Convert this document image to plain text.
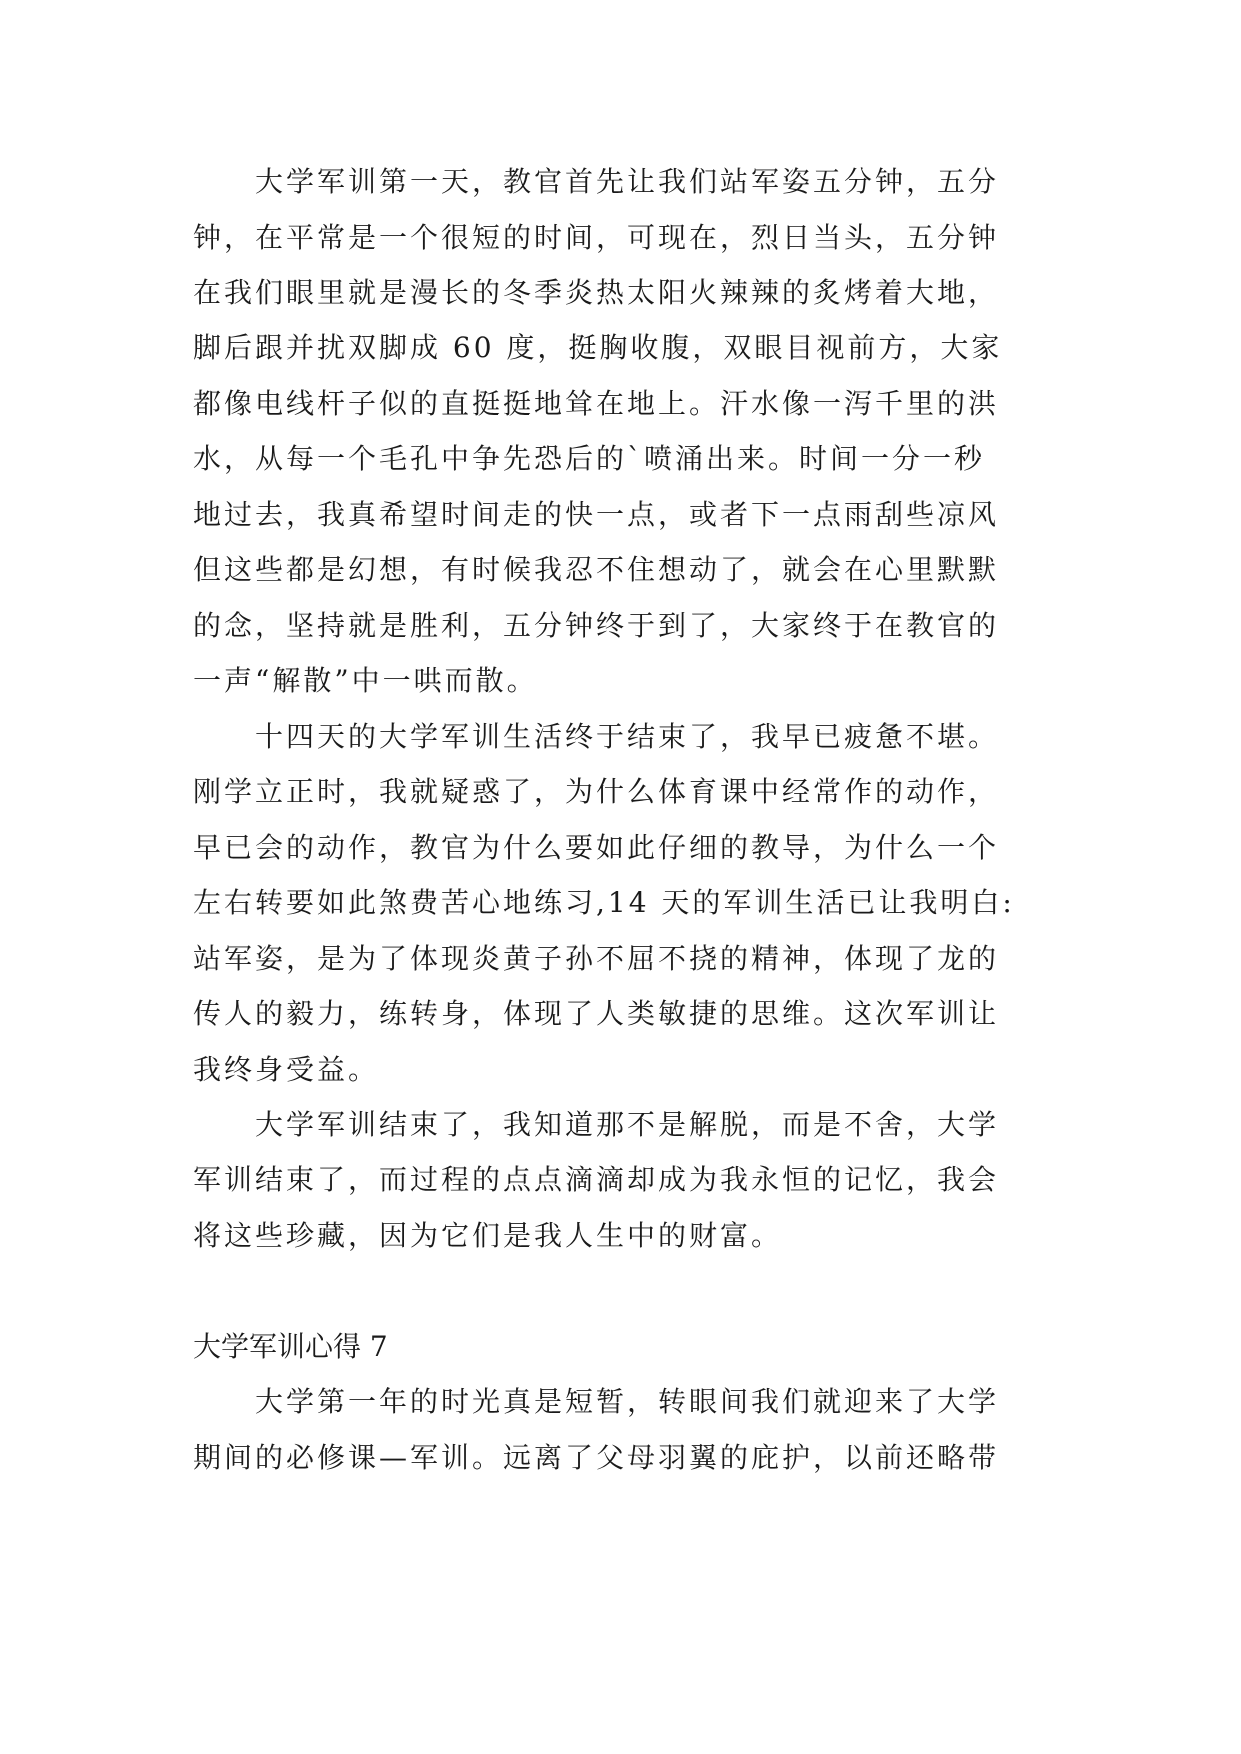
大学军训第一天，教官首先让我们站军姿五分钟，五分
钟，在平常是一个很短的时间，可现在，烈日当头，五分钟
在我们眼里就是漫长的冬季炎热太阳火辣辣的炙烤着大地，
脚后跟并扰双脚成 60 度，挺胸收腹，双眼目视前方，大家
都像电线杆子似的直挺挺地耸在地上。汗水像一泻千里的洪
水，从每一个毛孔中争先恐后的`喷涌出来。时间一分一秒
地过去，我真希望时间走的快一点，或者下一点雨刮些凉风
但这些都是幻想，有时候我忍不住想动了，就会在心里默默
的念，坚持就是胜利，五分钟终于到了，大家终于在教官的
一声“解散”中一哄而散。
十四天的大学军训生活终于结束了，我早已疲惫不堪。
刚学立正时，我就疑惑了，为什么体育课中经常作的动作，
早已会的动作，教官为什么要如此仔细的教导，为什么一个
左右转要如此煞费苦心地练习,14 天的军训生活已让我明白:
站军姿，是为了体现炎黄子孙不屈不挠的精神，体现了龙的
传人的毅力，练转身，体现了人类敏捷的思维。这次军训让
我终身受益。
大学军训结束了，我知道那不是解脱，而是不舍，大学
军训结束了，而过程的点点滴滴却成为我永恒的记忆，我会
将这些珍藏，因为它们是我人生中的财富。
大学军训心得 7
大学第一年的时光真是短暂，转眼间我们就迎来了大学
期间的必修课—军训。远离了父母羽翼的庇护，以前还略带
